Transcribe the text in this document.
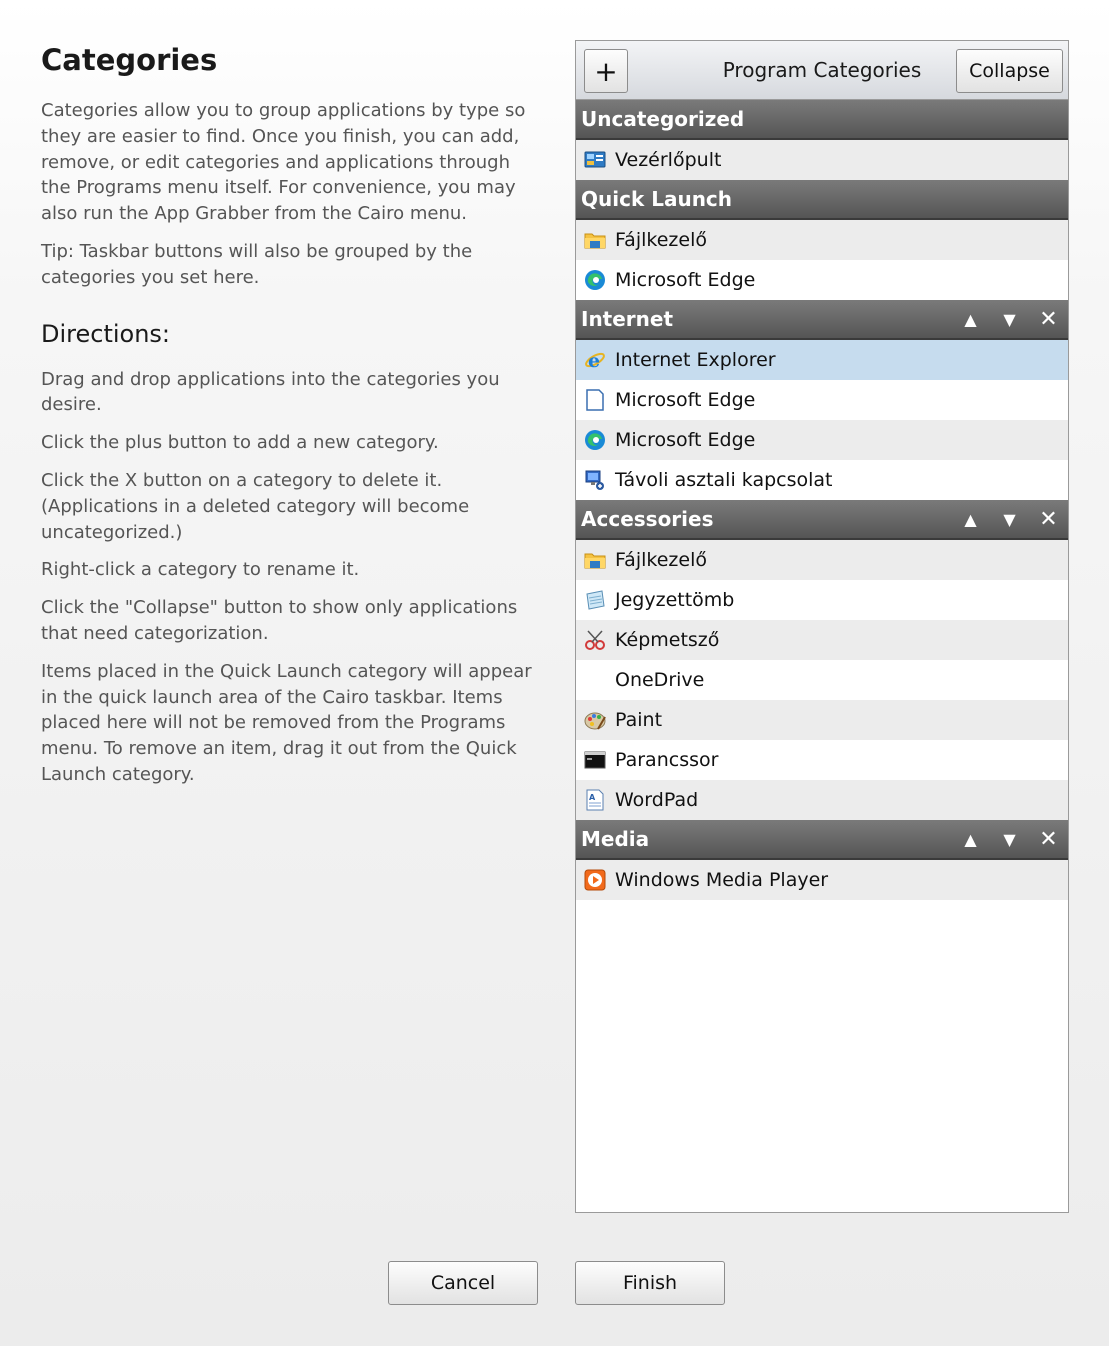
Categories

Categories allow you to group applications by type so they are easier to find. Once you finish, you can add, remove, or edit categories and applications through the Programs menu itself. For convenience, you may also run the App Grabber from the Cairo menu.

Tip: Taskbar buttons will also be grouped by the categories you set here.

Directions:

Drag and drop applications into the categories you desire.

Click the plus button to add a new category.

Click the X button on a category to delete it. (Applications in a deleted category will become uncategorized.)

Right-click a category to rename it.

Click the "Collapse" button to show only applications that need categorization.

Items placed in the Quick Launch category will appear in the quick launch area of the Cairo taskbar. Items placed here will not be removed from the Programs menu. To remove an item, drag it out from the Quick Launch category.

+	Program Categories	Collapse
Uncategorized
Vezérlőpult
Quick Launch
Fájlkezelő
Microsoft Edge
Internet	▲	▼	✕
e Internet Explorer
Microsoft Edge
Microsoft Edge
Távoli asztali kapcsolat
Accessories	▲	▼	✕
Fájlkezelő
Jegyzettömb
Képmetsző
OneDrive
Paint
Parancssor
A WordPad
Media	▲	▼	✕
Windows Media Player
Cancel	Finish
